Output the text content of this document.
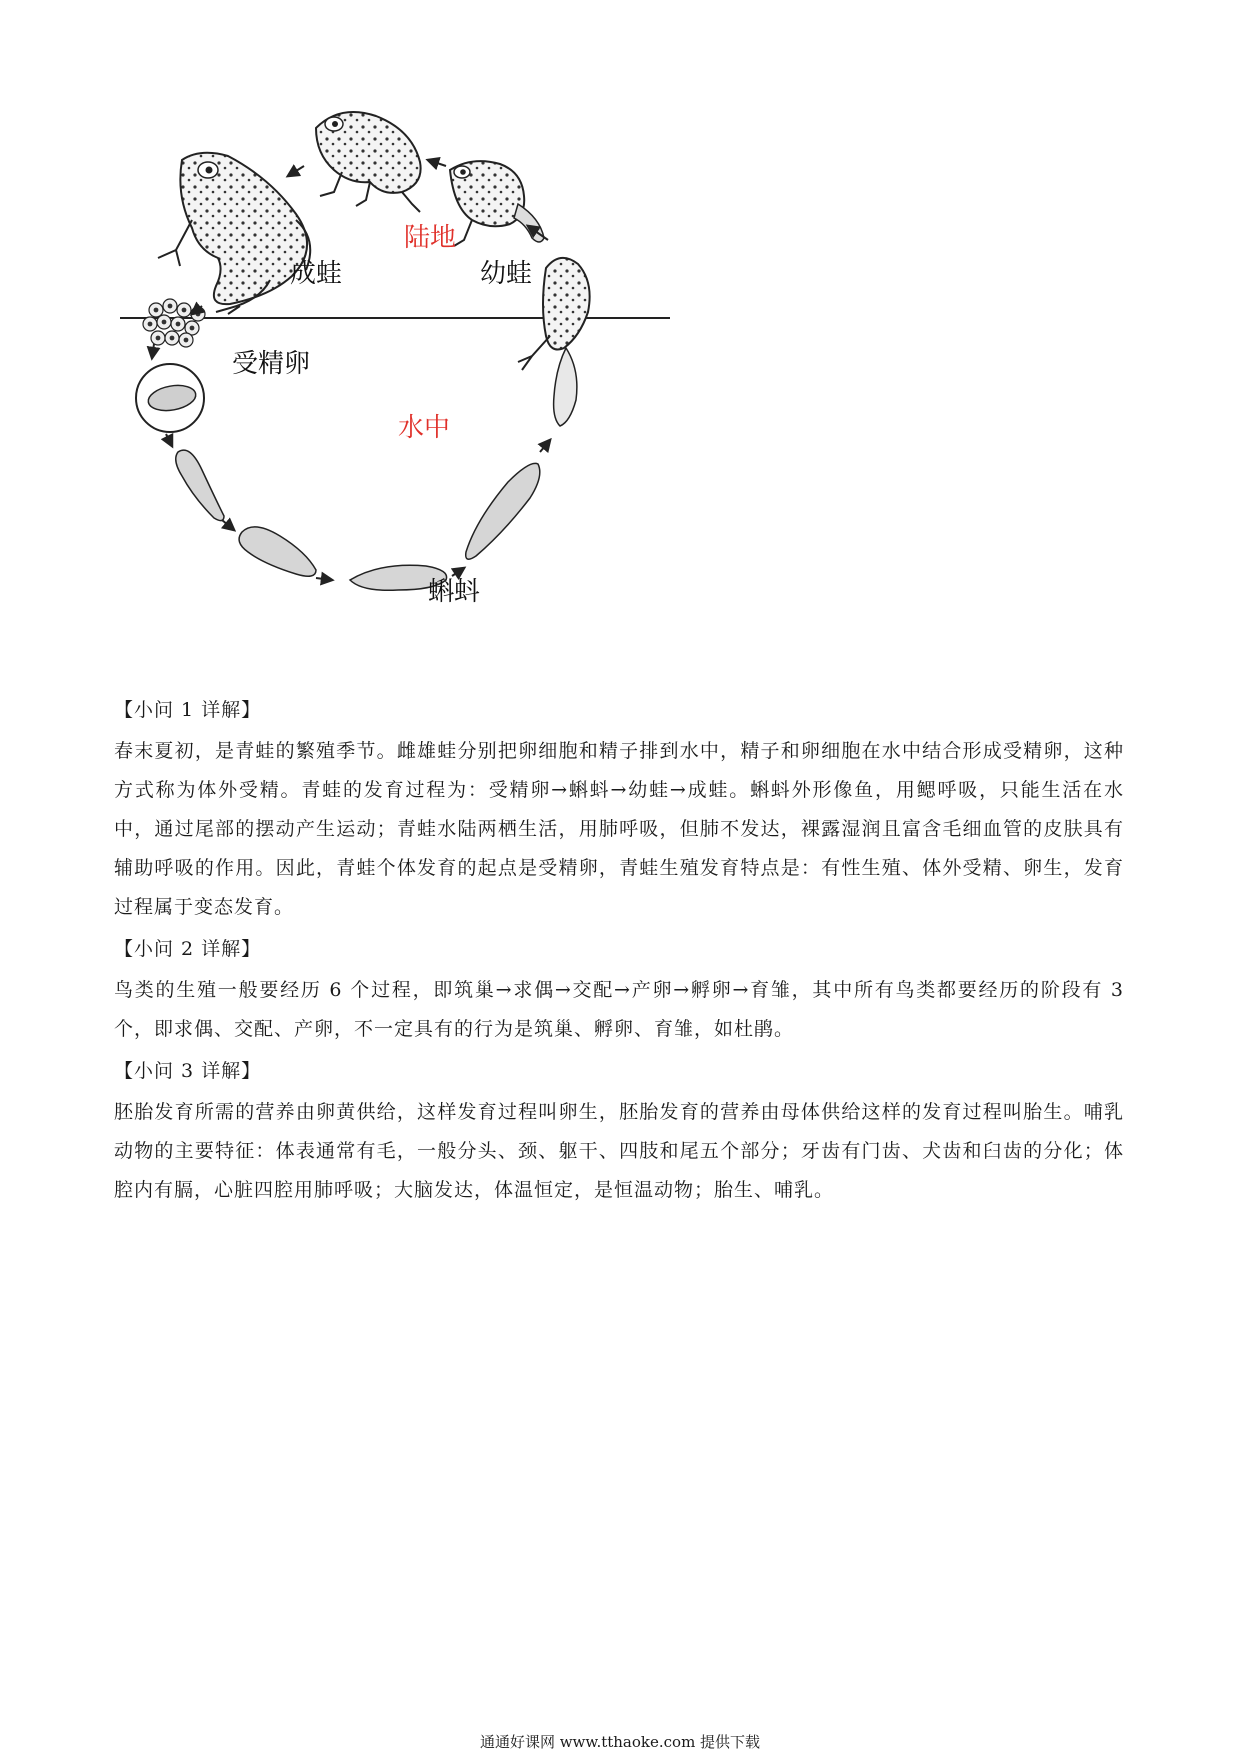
成蛙
陆地
幼蛙
受精卵
水中
蝌蚪
【小问 1 详解】

春末夏初，是青蛙的繁殖季节。雌雄蛙分别把卵细胞和精子排到水中，精子和卵细胞在水中结合形成受精卵，这种方式称为体外受精。青蛙的发育过程为：受精卵→蝌蚪→幼蛙→成蛙。蝌蚪外形像鱼，用鳃呼吸，只能生活在水中，通过尾部的摆动产生运动；青蛙水陆两栖生活，用肺呼吸，但肺不发达，裸露湿润且富含毛细血管的皮肤具有辅助呼吸的作用。因此，青蛙个体发育的起点是受精卵，青蛙生殖发育特点是：有性生殖、体外受精、卵生，发育过程属于变态发育。

【小问 2 详解】

鸟类的生殖一般要经历 6 个过程，即筑巢→求偶→交配→产卵→孵卵→育雏，其中所有鸟类都要经历的阶段有 3 个，即求偶、交配、产卵，不一定具有的行为是筑巢、孵卵、育雏，如杜鹃。

【小问 3 详解】

胚胎发育所需的营养由卵黄供给，这样发育过程叫卵生，胚胎发育的营养由母体供给这样的发育过程叫胎生。哺乳动物的主要特征：体表通常有毛，一般分头、颈、躯干、四肢和尾五个部分；牙齿有门齿、犬齿和臼齿的分化；体腔内有膈，心脏四腔用肺呼吸；大脑发达，体温恒定，是恒温动物；胎生、哺乳。

通通好课网 www.tthaoke.com 提供下载
